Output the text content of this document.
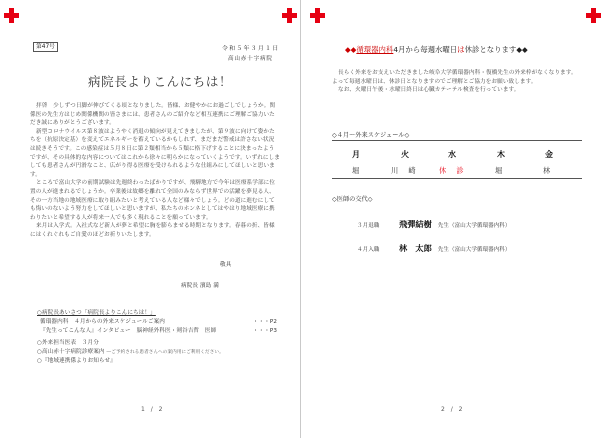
第47号	令和５年３月１日
高山赤十字病院
病院長よりこんにちは！

拝啓　少しずつ日脚が伸びてくる頃となりました。皆様、お健やかにお過ごしでしょうか。関係医の先生方はじめ関係機関の皆さまには、患者さんのご紹介など相互連携にご理解ご協力いただき誠にありがとうございます。

新型コロナウイルス第８波はようやく消退の傾向が見えてきましたが、第９波に向けて姿かたちを（抗原決定基）を変えてエネルギーを蓄えているかもしれず、まだまだ警戒は許さない状況は続きそうです。この感染症は５月８日に第２類相当から５類に格下げすることに決まったようですが、その具体的な内容についてはこれから徐々に明らかになっていくようです。いずれにしましても患者さんが円滑なこと、広がり得る医療を受けられるような仕組みにしてほしいと思います。

ところで富山大学の前期試験は先週終わったばかりですが、飛騨地方で今年は医療系学部に位置の人が進まれるでしょうか。卒業後は故郷を離れて全国のみならず世界での活躍を夢見る人、その一方当地の地域医療に取り組みたいと考えている人など様々でしょう。どの道に進むにしても悔いのないよう努力をしてほしいと思いますが、私たちのホンネとしてはやはり地域医療に携わりたいと希望する人が将来一人でも多く現れることを願っています。

来月は入学式。入社式など新人が夢と希望に胸を膨らませる時期となります。春暮の折、皆様にはくれぐれもご自愛のほどお祈りいたします。

敬具
病院長 濱島 満
○病院長あいさつ「病院長よりこんにちは！」
循環器内科　４月からの外来スケジュールご案内	・・・P2
『先生ってこんな人』インタビュー　脳神経外科医・剣谷吉哲　医師	・・・P3
○外来担当医表　３月分
○高山赤十字病院診療案内 ―ご予約される患者さんへの案内用にご利用ください。
○『地域連携係よりお知らせ』
1 / 2
◆◆循環器内科4月から毎週水曜日は休診となります◆◆

長らく外来をお支えいただきました岐阜大学循環器内科・復橋先生の外来枠がなくなります。よって毎週水曜日は、休診日となりますのでご理解とご協力をお願い致します。

なお、火曜日午後・水曜日終日は心臓カテーテル検査を行っています。

◇４月～外来スケジュール◇
月	火	水	木	金
堀	川　崎	休　診	堀	林
◇医師の交代◇
３月退職 飛彈結樹 先生（富山大学循環器内科）
４月入職 林　太郎 先生（富山大学循環器内科）
2 / 2
